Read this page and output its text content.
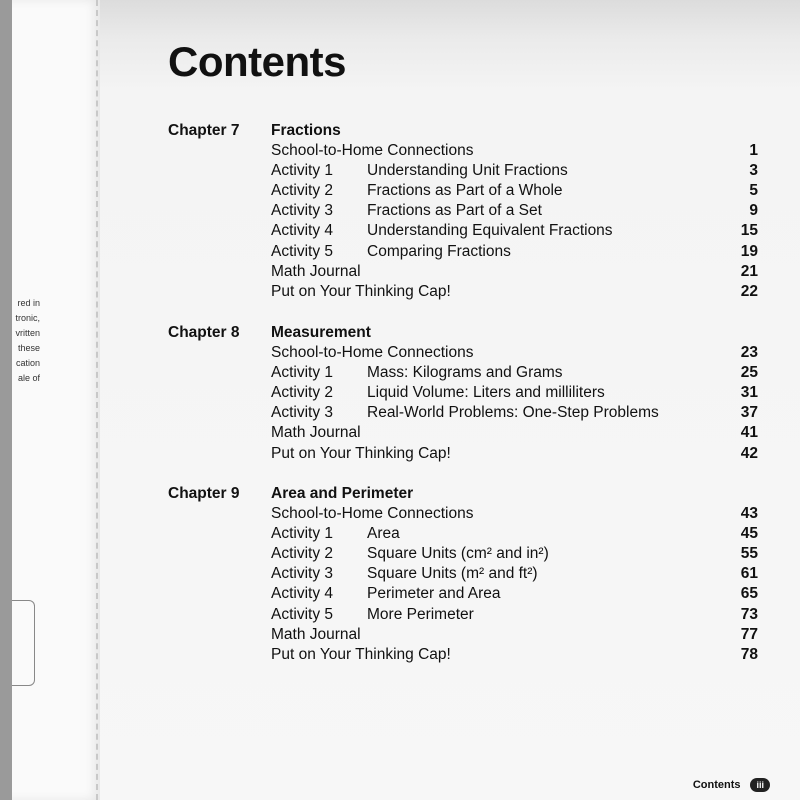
red in
tronic,
vritten
these
cation
ale of
Contents
Chapter 7	Fractions
School-to-Home Connections	1
Activity 1	Understanding Unit Fractions	3
Activity 2	Fractions as Part of a Whole	5
Activity 3	Fractions as Part of a Set	9
Activity 4	Understanding Equivalent Fractions	15
Activity 5	Comparing Fractions	19
Math Journal	21
Put on Your Thinking Cap!	22
Chapter 8	Measurement
School-to-Home Connections	23
Activity 1	Mass: Kilograms and Grams	25
Activity 2	Liquid Volume: Liters and milliliters	31
Activity 3	Real-World Problems: One-Step Problems	37
Math Journal	41
Put on Your Thinking Cap!	42
Chapter 9	Area and Perimeter
School-to-Home Connections	43
Activity 1	Area	45
Activity 2	Square Units (cm² and in²)	55
Activity 3	Square Units (m² and ft²)	61
Activity 4	Perimeter and Area	65
Activity 5	More Perimeter	73
Math Journal	77
Put on Your Thinking Cap!	78
Contents	iii
